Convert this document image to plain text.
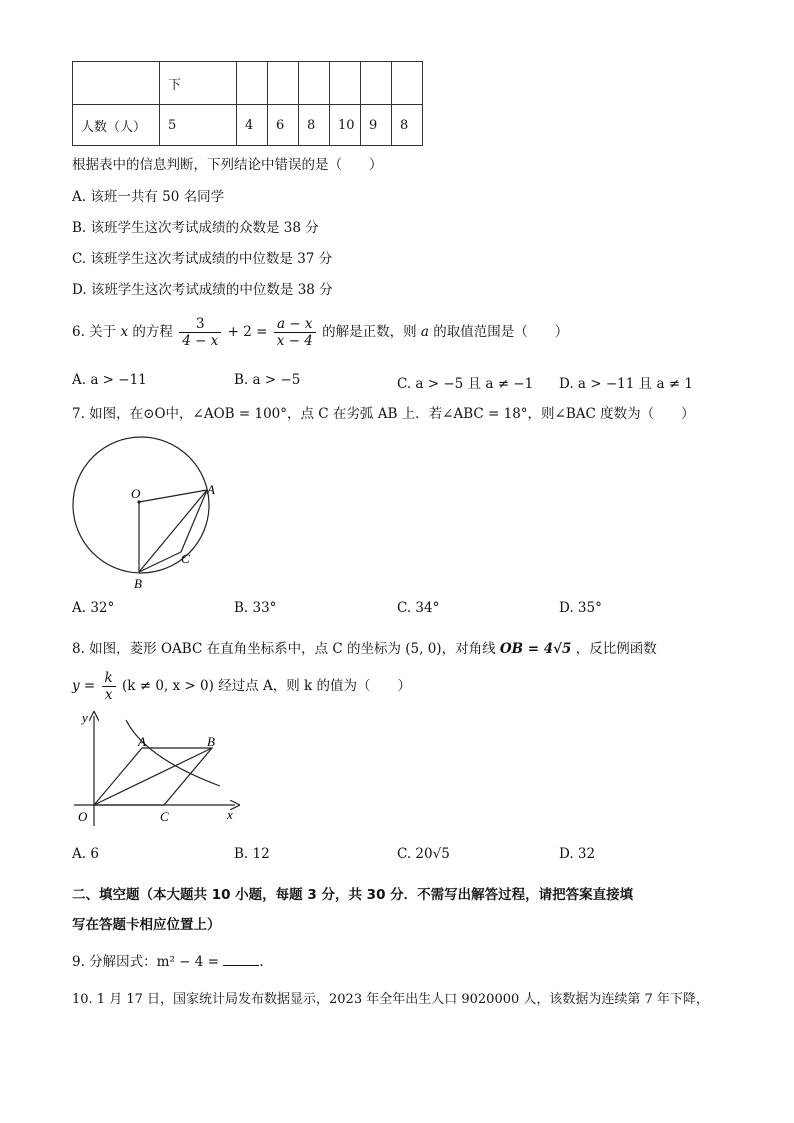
	下						
人数（人）	5	4	6	8	10	9	8
根据表中的信息判断，下列结论中错误的是（　　）
A. 该班一共有 50 名同学
B. 该班学生这次考试成绩的众数是 38 分
C. 该班学生这次考试成绩的中位数是 37 分
D. 该班学生这次考试成绩的中位数是 38 分
6. 关于 x 的方程 $\frac{3}{4 - x} + 2 = \frac{a - x}{x - 4}$ 的解是正数，则 a 的取值范围是（　　）
A. a > −11	B. a > −5	C. a > −5 且 a ≠ −1 D. a > −11 且 a ≠ 1
7. 如图，在⊙O中，∠AOB = 100°，点 C 在劣弧 AB 上．若∠ABC = 18°，则∠BAC 度数为（　　）
O	A
B
C
A. 32°	B. 33°	C. 34°	D. 35°
8. 如图，菱形 OABC 在直角坐标系中，点 C 的坐标为 (5, 0)，对角线 OB = 4√5 ，反比例函数
$y = \frac{k}{x} (k \ne 0$, x > 0) 经过点 A，则 k 的值为（　　）
y
x
O
A	B
C
A. 6	B. 12	C. 20√5	D. 32
二、填空题（本大题共 10 小题，每题 3 分，共 30 分．不需写出解答过程，请把答案直接填
写在答题卡相应位置上）
9. 分解因式：m² − 4 =	.
10. 1 月 17 日，国家统计局发布数据显示，2023 年全年出生人口 9020000 人，该数据为连续第 7 年下降，
